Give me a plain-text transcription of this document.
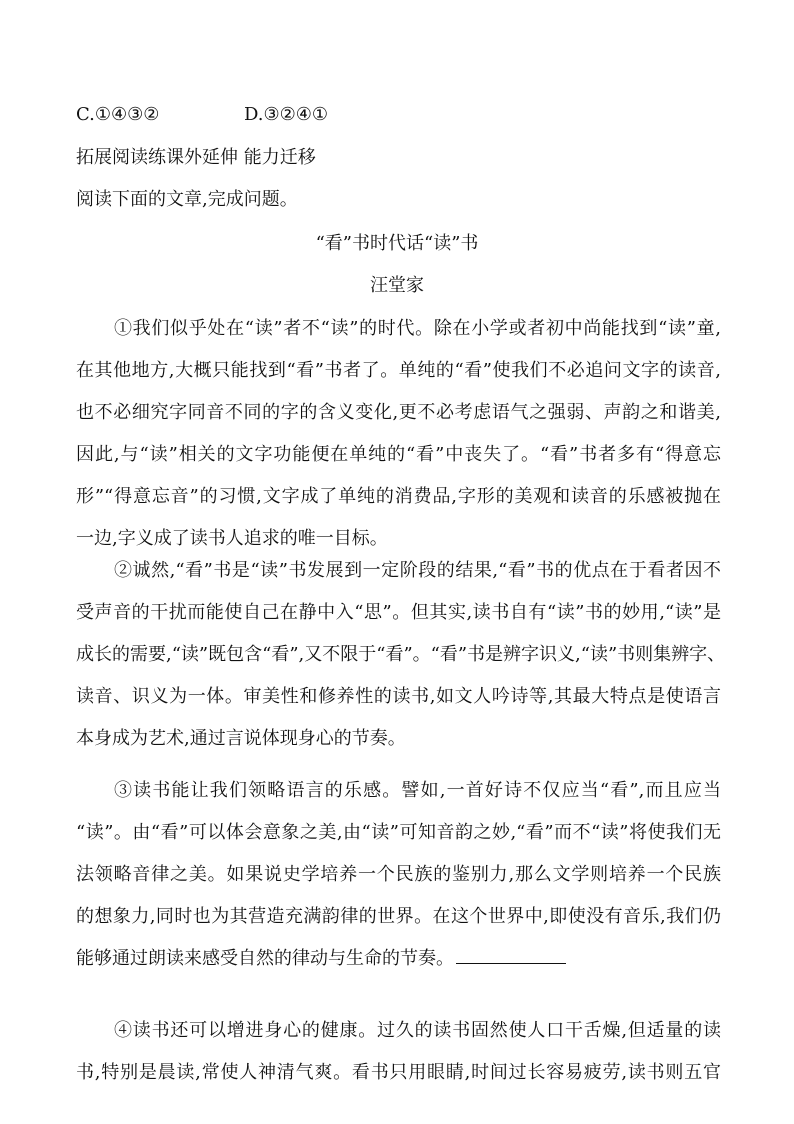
C.①④③②	D.③②④①
拓展阅读练课外延伸 能力迁移
阅读下面的文章,完成问题。
“看”书时代话“读”书
汪堂家
①我们似乎处在“读”者不“读”的时代。除在小学或者初中尚能找到“读”童,
在其他地方,大概只能找到“看”书者了。单纯的“看”使我们不必追问文字的读音,
也不必细究字同音不同的字的含义变化,更不必考虑语气之强弱、声韵之和谐美,
因此,与“读”相关的文字功能便在单纯的“看”中丧失了。“看”书者多有“得意忘
形”“得意忘音”的习惯,文字成了单纯的消费品,字形的美观和读音的乐感被抛在
一边,字义成了读书人追求的唯一目标。
②诚然,“看”书是“读”书发展到一定阶段的结果,“看”书的优点在于看者因不
受声音的干扰而能使自己在静中入“思”。但其实,读书自有“读”书的妙用,“读”是
成长的需要,“读”既包含“看”,又不限于“看”。“看”书是辨字识义,“读”书则集辨字、
读音、识义为一体。审美性和修养性的读书,如文人吟诗等,其最大特点是使语言
本身成为艺术,通过言说体现身心的节奏。
③读书能让我们领略语言的乐感。譬如,一首好诗不仅应当“看”,而且应当
“读”。由“看”可以体会意象之美,由“读”可知音韵之妙,“看”而不“读”将使我们无
法领略音律之美。如果说史学培养一个民族的鉴别力,那么文学则培养一个民族
的想象力,同时也为其营造充满韵律的世界。在这个世界中,即使没有音乐,我们仍
能够通过朗读来感受自然的律动与生命的节奏。
④读书还可以增进身心的健康。过久的读书固然使人口干舌燥,但适量的读
书,特别是晨读,常使人神清气爽。看书只用眼睛,时间过长容易疲劳,读书则五官
